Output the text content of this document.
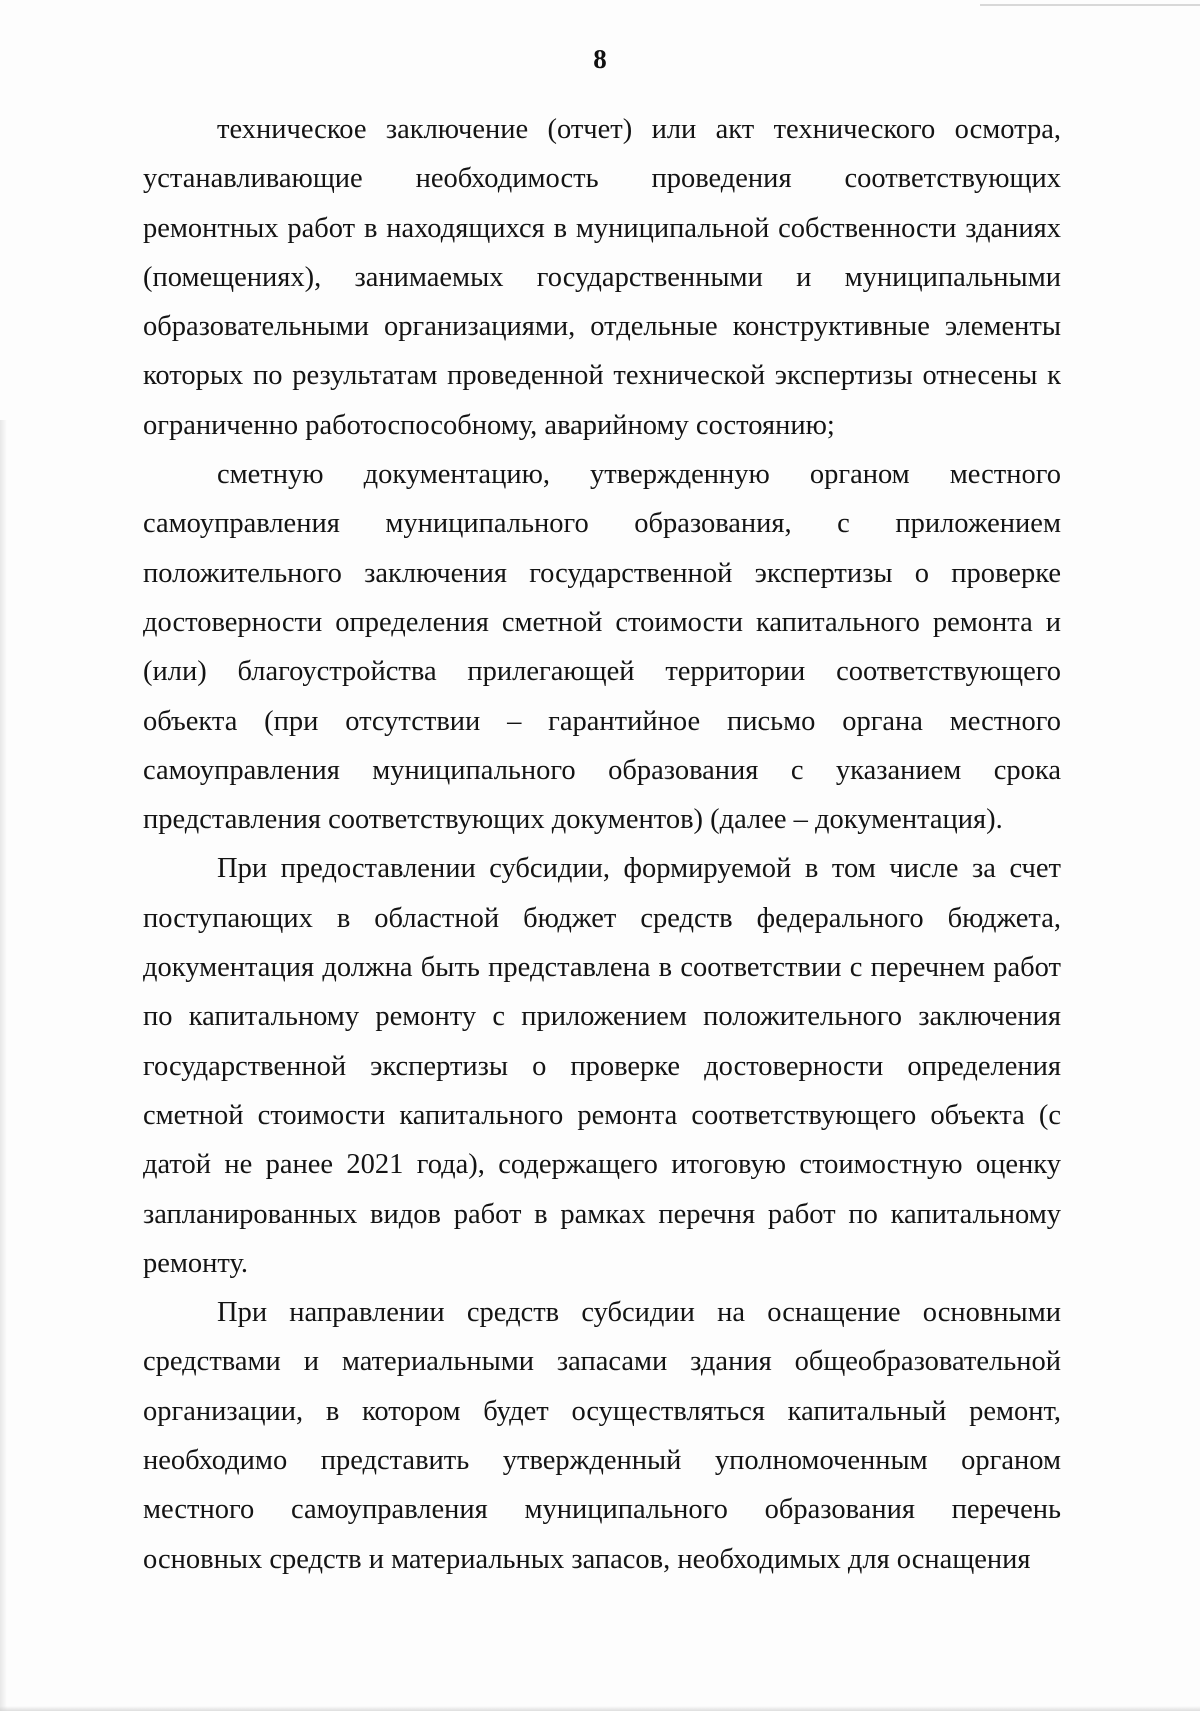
8

техническое заключение (отчет) или акт технического осмотра, устанавливающие необходимость проведения соответствующих ремонтных работ в находящихся в муниципальной собственности зданиях (помещениях), занимаемых государственными и муниципальными образовательными организациями, отдельные конструктивные элементы которых по результатам проведенной технической экспертизы отнесены к ограниченно работоспособному, аварийному состоянию;

сметную документацию, утвержденную органом местного самоуправления муниципального образования, с приложением положительного заключения государственной экспертизы о проверке достоверности определения сметной стоимости капитального ремонта и (или) благоустройства прилегающей территории соответствующего объекта (при отсутствии – гарантийное письмо органа местного самоуправления муниципального образования с указанием срока представления соответствующих документов) (далее – документация).

При предоставлении субсидии, формируемой в том числе за счет поступающих в областной бюджет средств федерального бюджета, документация должна быть представлена в соответствии с перечнем работ по капитальному ремонту с приложением положительного заключения государственной экспертизы о проверке достоверности определения сметной стоимости капитального ремонта соответствующего объекта (с датой не ранее 2021 года), содержащего итоговую стоимостную оценку запланированных видов работ в рамках перечня работ по капитальному ремонту.

При направлении средств субсидии на оснащение основными средствами и материальными запасами здания общеобразовательной организации, в котором будет осуществляться капитальный ремонт, необходимо представить утвержденный уполномоченным органом местного самоуправления муниципального образования перечень основных средств и материальных запасов, необходимых для оснащения
